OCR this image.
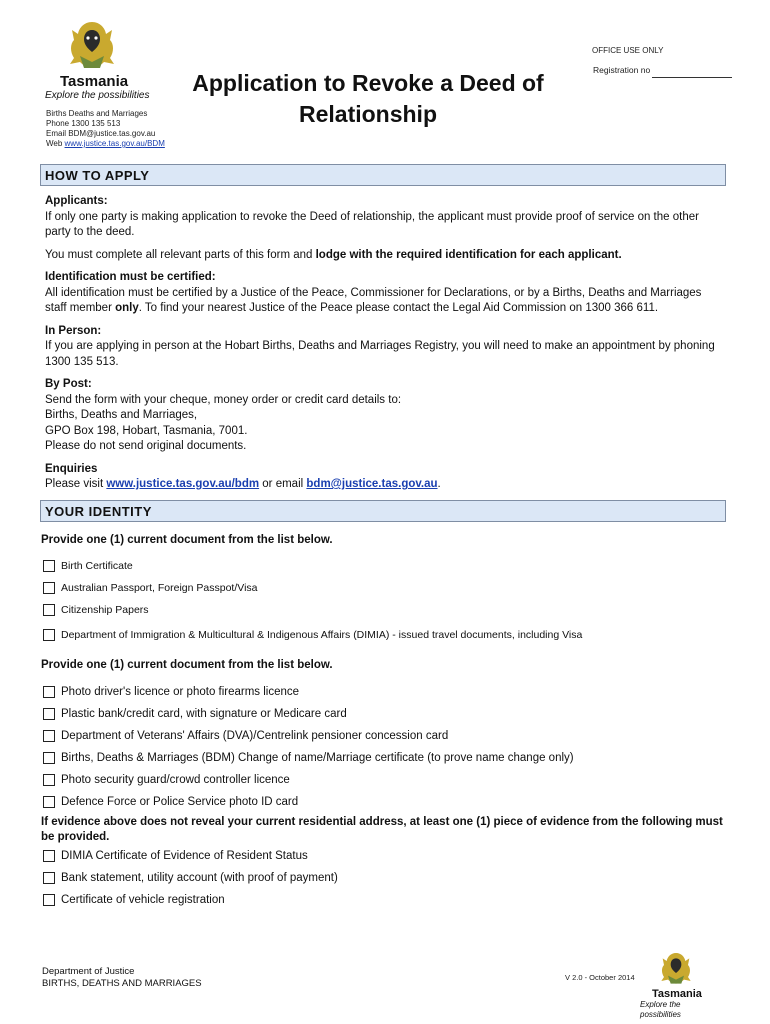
Tasmania
Explore the possibilities
Births Deaths and Marriages
Phone 1300 135 513
Email BDM@justice.tas.gov.au
Web www.justice.tas.gov.au/BDM
Application to Revoke a Deed of Relationship
OFFICE USE ONLY
Registration no
HOW TO APPLY

Applicants:

If only one party is making application to revoke the Deed of relationship, the applicant must provide proof of service on the other party to the deed.

You must complete all relevant parts of this form and lodge with the required identification for each applicant.

Identification must be certified:

All identification must be certified by a Justice of the Peace, Commissioner for Declarations, or by a Births, Deaths and Marriages staff member only. To find your nearest Justice of the Peace please contact the Legal Aid Commission on 1300 366 611.

In Person:

If you are applying in person at the Hobart Births, Deaths and Marriages Registry, you will need to make an appointment by phoning 1300 135 513.

By Post:

Send the form with your cheque, money order or credit card details to:

Births, Deaths and Marriages,

GPO Box 198, Hobart, Tasmania, 7001.

Please do not send original documents.

Enquiries

Please visit www.justice.tas.gov.au/bdm or email bdm@justice.tas.gov.au.

YOUR IDENTITY
Provide one (1) current document from the list below.
Birth Certificate
Australian Passport, Foreign Passpot/Visa
Citizenship Papers
Department of Immigration & Multicultural & Indigenous Affairs (DIMIA) - issued travel documents, including Visa
Provide one (1) current document from the list below.
Photo driver's licence or photo firearms licence
Plastic bank/credit card, with signature or Medicare card
Department of Veterans' Affairs (DVA)/Centrelink pensioner concession card
Births, Deaths & Marriages (BDM) Change of name/Marriage certificate (to prove name change only)
Photo security guard/crowd controller licence
Defence Force or Police Service photo ID card
If evidence above does not reveal your current residential address, at least one (1) piece of evidence from the following must be provided.
DIMIA Certificate of Evidence of Resident Status
Bank statement, utility account (with proof of payment)
Certificate of vehicle registration
Department of Justice
BIRTHS, DEATHS AND MARRIAGES
V 2.0 - October 2014
Tasmania
Explore the possibilities
